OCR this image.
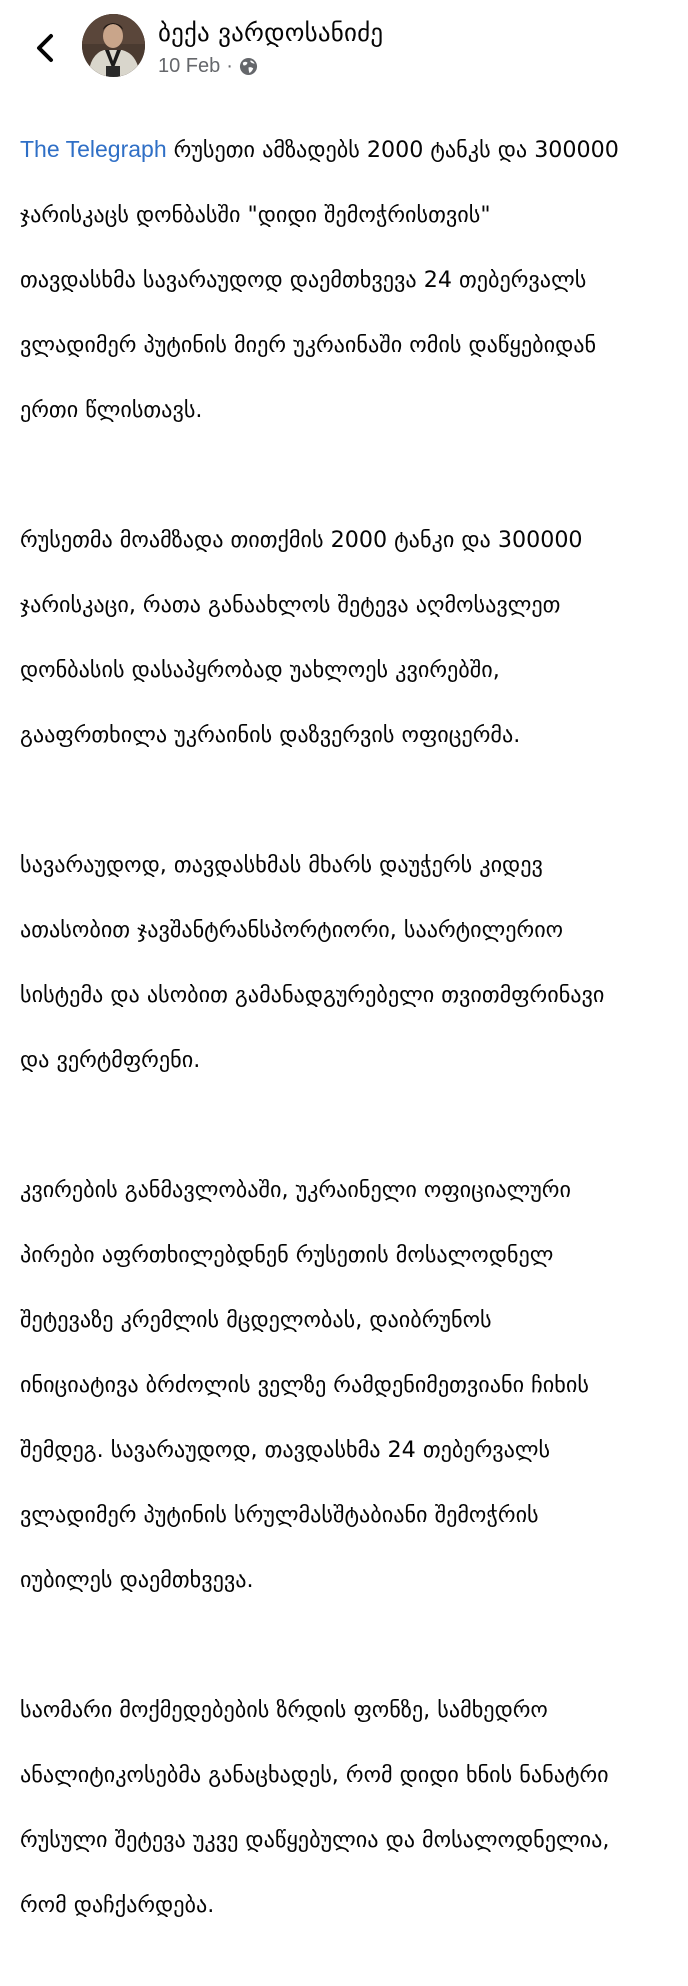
ბექა ვარდოსანიძე
10 Feb ·

The Telegraph რუსეთი ამზადებს 2000 ტანკს და 300000

ჯარისკაცს დონბასში "დიდი შემოჭრისთვის"

თავდასხმა სავარაუდოდ დაემთხვევა 24 თებერვალს

ვლადიმერ პუტინის მიერ უკრაინაში ომის დაწყებიდან

ერთი წლისთავს.

რუსეთმა მოამზადა თითქმის 2000 ტანკი და 300000

ჯარისკაცი, რათა განაახლოს შეტევა აღმოსავლეთ

დონბასის დასაპყრობად უახლოეს კვირებში,

გააფრთხილა უკრაინის დაზვერვის ოფიცერმა.

სავარაუდოდ, თავდასხმას მხარს დაუჭერს კიდევ

ათასობით ჯავშანტრანსპორტიორი, საარტილერიო

სისტემა და ასობით გამანადგურებელი თვითმფრინავი

და ვერტმფრენი.

კვირების განმავლობაში, უკრაინელი ოფიციალური

პირები აფრთხილებდნენ რუსეთის მოსალოდნელ

შეტევაზე კრემლის მცდელობას, დაიბრუნოს

ინიციატივა ბრძოლის ველზე რამდენიმეთვიანი ჩიხის

შემდეგ. სავარაუდოდ, თავდასხმა 24 თებერვალს

ვლადიმერ პუტინის სრულმასშტაბიანი შემოჭრის

იუბილეს დაემთხვევა.

საომარი მოქმედებების ზრდის ფონზე, სამხედრო

ანალიტიკოსებმა განაცხადეს, რომ დიდი ხნის ნანატრი

რუსული შეტევა უკვე დაწყებულია და მოსალოდნელია,

რომ დაჩქარდება.
